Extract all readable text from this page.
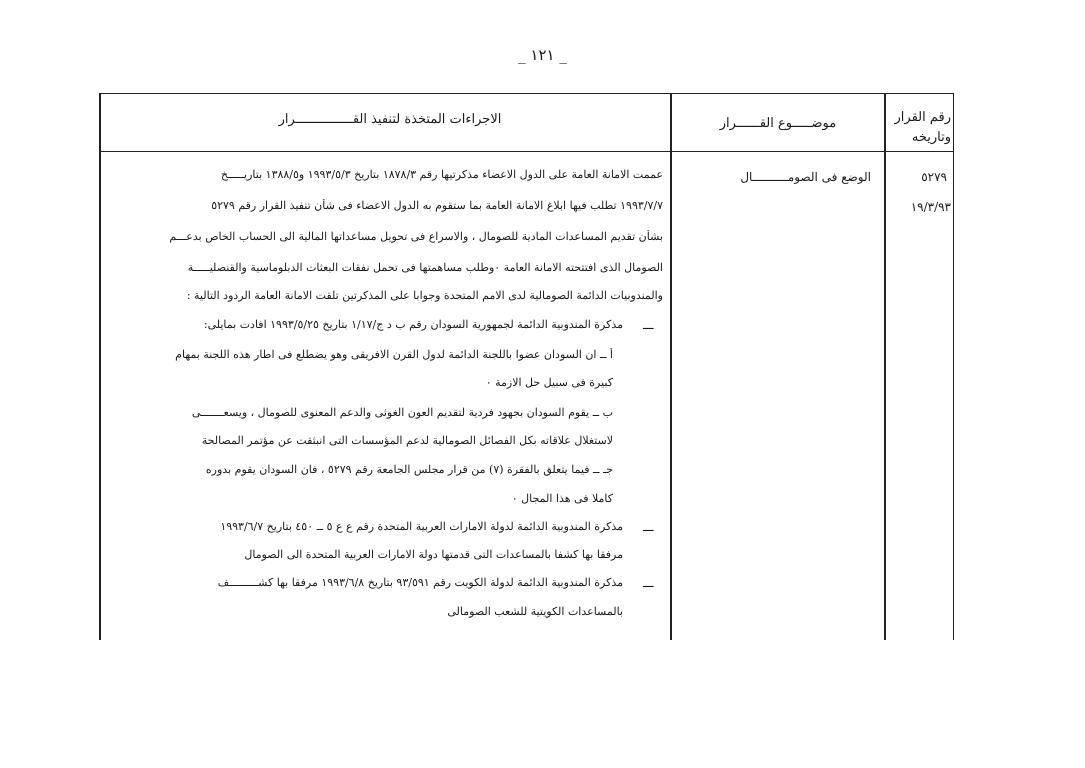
_ ١٢١ _
رقم القرار
وتاريخه
موضـــــوع القــــــرار
الاجراءات المتخذة لتنفيذ القـــــــــــــــرار
٥٢٧٩
١٩/٣/٩٣
الوضع فى الصومــــــــــال
عممت الامانة العامة على الدول الاعضاء مذكرتيها رقم ١٨٧٨/٣ بتاريخ ١٩٩٣/٥/٣ و١٣٨٨/٥ بتاريـــــخ
١٩٩٣/٧/٧ تطلب فيها ابلاغ الامانة العامة بما ستقوم به الدول الاعضاء فى شأن تنفيذ القرار رقم ٥٢٧٩
بشأن تقديم المساعدات المادية للصومال ، والاسراع فى تحويل مساعداتها المالية الى الحساب الخاص بدعـــم
الصومال الذى افتتحته الامانة العامة ٠وطلب مساهمتها فى تحمل نفقات البعثات الدبلوماسية والقنصليـــــة
والمندوبيات الدائمة الصومالية لدى الامم المتحدة وجوابا على المذكرتين تلقت الامانة العامة الردود التالية :
مذكرة المندوبية الدائمة لجمهورية السودان رقم ب د ج/١/١٧ بتاريخ ١٩٩٣/٥/٢٥ افادت بمايلى:
أ ــ ان السودان عضوا باللجنة الدائمة لدول القرن الافريقى وهو يضطلع فى اطار هذه اللجنة بمهام
كبيرة فى سبيل حل الازمة ٠
ب ــ يقوم السودان بجهود فردية لتقديم العون الغوثى والدعم المعنوى للصومال ، ويسعـــــــى
لاستغلال علاقاته بكل الفصائل الصومالية لدعم المؤسسات التى انبثقت عن مؤتمر المصالحة
جـ ــ فيما يتعلق بالفقرة (٧) من قرار مجلس الجامعة رقم ٥٢٧٩ ، فان السودان يقوم بدوره
كاملا فى هذا المجال ٠
مذكرة المندوبية الدائمة لدولة الامارات العربية المتحدة رقم ع ع ٥ ــ ٤٥٠ بتاريخ ١٩٩٣/٦/٧
مرفقا بها كشفا بالمساعدات التى قدمتها دولة الامارات العربية المتحدة الى الصومال
مذكرة المندوبية الدائمة لدولة الكويت رقم ٩٣/٥٩١ بتاريخ ١٩٩٣/٦/٨ مرفقا بها كشـــــــــف
بالمساعدات الكويتية للشعب الصومالى
ـــ
ـــ
ـــ
